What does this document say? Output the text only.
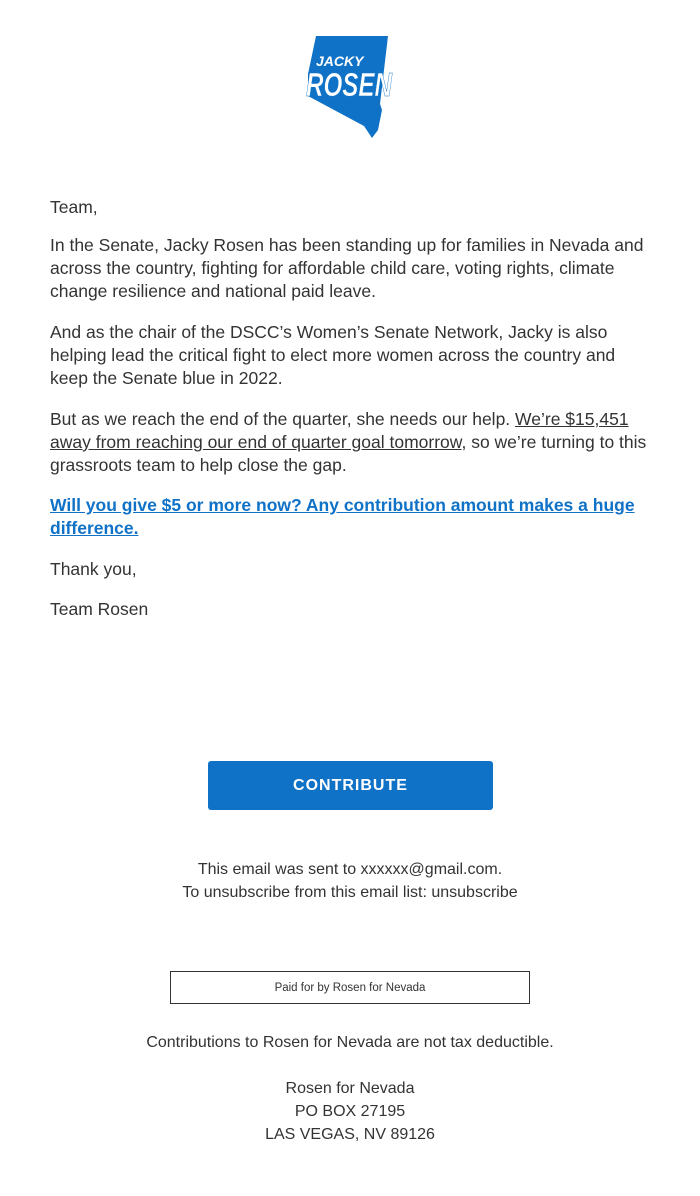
JACKY
ROSEN
SENATE

Team,

In the Senate, Jacky Rosen has been standing up for families in Nevada and across the country, fighting for affordable child care, voting rights, climate change resilience and national paid leave.

And as the chair of the DSCC’s Women’s Senate Network, Jacky is also helping lead the critical fight to elect more women across the country and keep the Senate blue in 2022.

But as we reach the end of the quarter, she needs our help. We’re $15,451 away from reaching our end of quarter goal tomorrow, so we’re turning to this grassroots team to help close the gap.

Will you give $5 or more now? Any contribution amount makes a huge difference.

Thank you,

Team Rosen

CONTRIBUTE
This email was sent to xxxxxx@gmail.com.
To unsubscribe from this email list: unsubscribe
Paid for by Rosen for Nevada
Contributions to Rosen for Nevada are not tax deductible.
Rosen for Nevada
PO BOX 27195
LAS VEGAS, NV 89126
